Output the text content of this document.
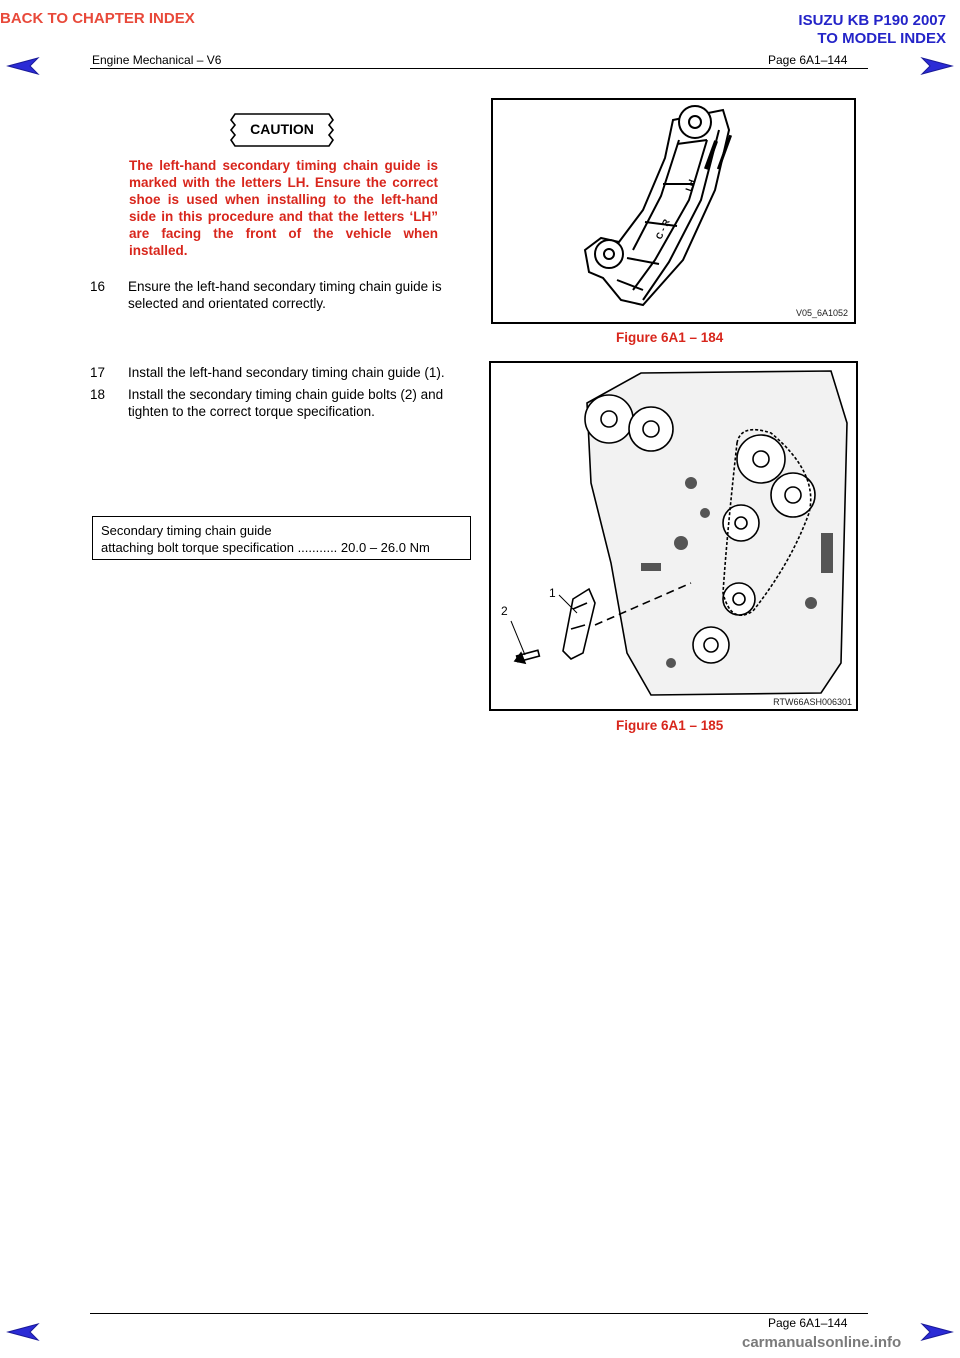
BACK TO CHAPTER INDEX	ISUZU KB P190 2007
TO MODEL INDEX
Engine Mechanical – V6	Page 6A1–144
CAUTION
The left-hand secondary timing chain guide is marked with the letters LH. Ensure the correct shoe is used when installing to the left-hand side in this procedure and that the letters ‘LH” are facing the front of the vehicle when installed.
16 Ensure the left-hand secondary timing chain guide is
selected and orientated correctly.
17 Install the left-hand secondary timing chain guide (1).
18 Install the secondary timing chain guide bolts (2) and
tighten to the correct torque specification.
Secondary timing chain guide
attaching bolt torque specification ........... 20.0 – 26.0 Nm
LH
C - R
V05_6A1052
Figure 6A1 – 184
1
2
RTW66ASH006301
Figure 6A1 – 185
Page 6A1–144
carmanualsonline.info
